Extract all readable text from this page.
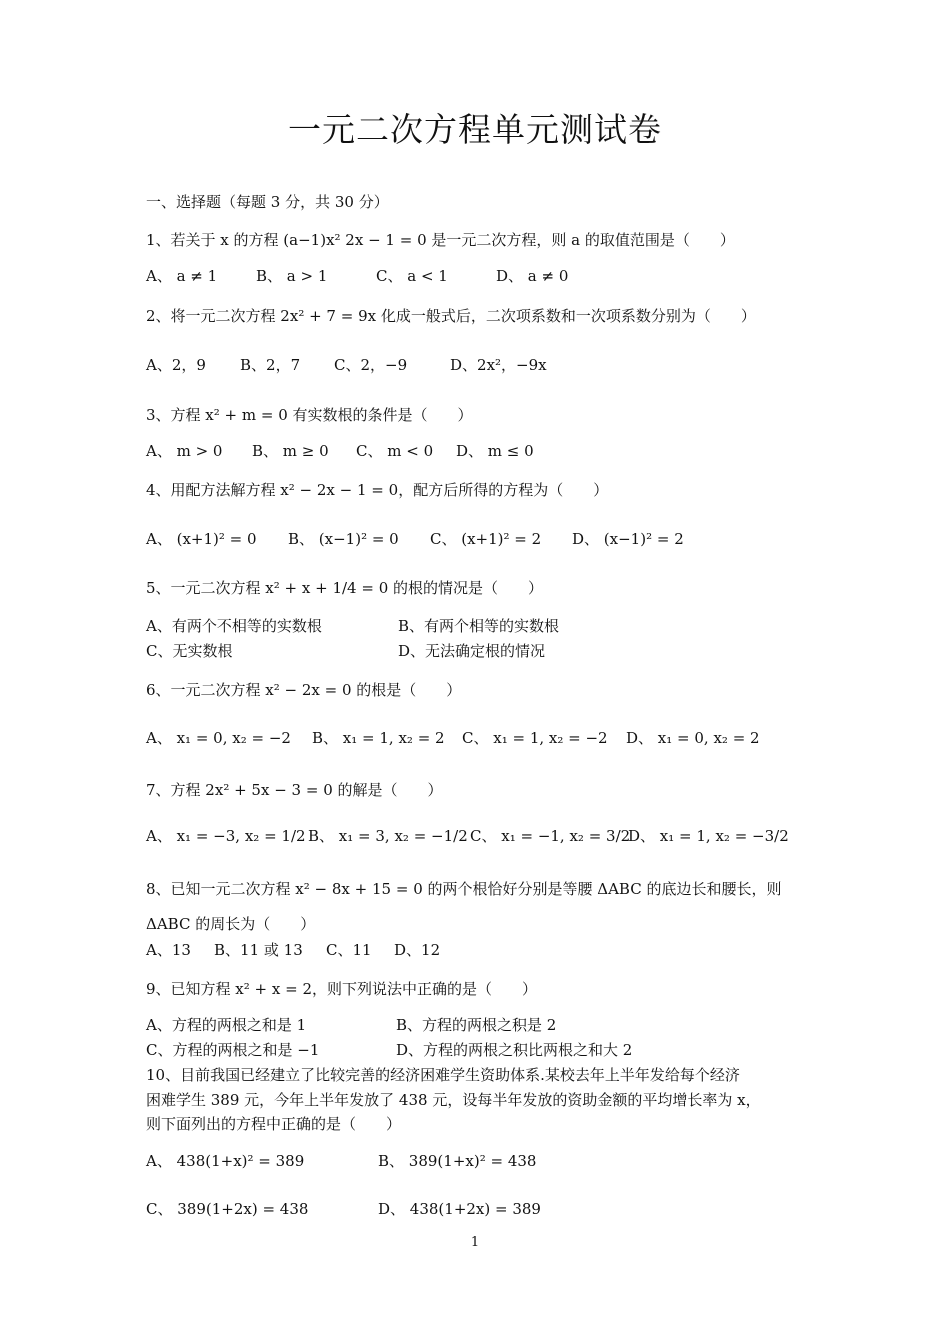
一元二次方程单元测试卷
一、选择题（每题 3 分，共 30 分）
1、若关于 x 的方程 (a−1)x² 2x − 1 = 0 是一元二次方程，则 a 的取值范围是（　　）
A、 a ≠ 1	B、 a > 1	C、 a < 1	D、 a ≠ 0
2、将一元二次方程 2x² + 7 = 9x 化成一般式后，二次项系数和一次项系数分别为（　　）
A、2，9 B、2，7 C、2，−9	D、2x²，−9x
3、方程 x² + m = 0 有实数根的条件是（　　）
A、 m > 0 B、 m ≥ 0 C、 m < 0 D、 m ≤ 0
4、用配方法解方程 x² − 2x − 1 = 0，配方后所得的方程为（　　）
A、 (x+1)² = 0 B、 (x−1)² = 0 C、 (x+1)² = 2 D、 (x−1)² = 2
5、一元二次方程 x² + x + 1/4 = 0 的根的情况是（　　）
A、有两个不相等的实数根	B、有两个相等的实数根
C、无实数根	D、无法确定根的情况
6、一元二次方程 x² − 2x = 0 的根是（　　）
A、 x₁ = 0, x₂ = −2 B、 x₁ = 1, x₂ = 2 C、 x₁ = 1, x₂ = −2 D、 x₁ = 0, x₂ = 2
7、方程 2x² + 5x − 3 = 0 的解是（　　）
A、 x₁ = −3, x₂ = 1/2 B、 x₁ = 3, x₂ = −1/2 C、 x₁ = −1, x₂ = 3/2D、 x₁ = 1, x₂ = −3/2
8、已知一元二次方程 x² − 8x + 15 = 0 的两个根恰好分别是等腰 ΔABC 的底边长和腰长，则
ΔABC 的周长为（　　）
A、13 B、11 或 13 C、11 D、12
9、已知方程 x² + x = 2，则下列说法中正确的是（　　）
A、方程的两根之和是 1	B、方程的两根之积是 2
C、方程的两根之和是 −1	D、方程的两根之积比两根之和大 2
10、目前我国已经建立了比较完善的经济困难学生资助体系.某校去年上半年发给每个经济
困难学生 389 元，今年上半年发放了 438 元，设每半年发放的资助金额的平均增长率为 x，
则下面列出的方程中正确的是（　　）
A、 438(1+x)² = 389	B、 389(1+x)² = 438
C、 389(1+2x) = 438	D、 438(1+2x) = 389
1
